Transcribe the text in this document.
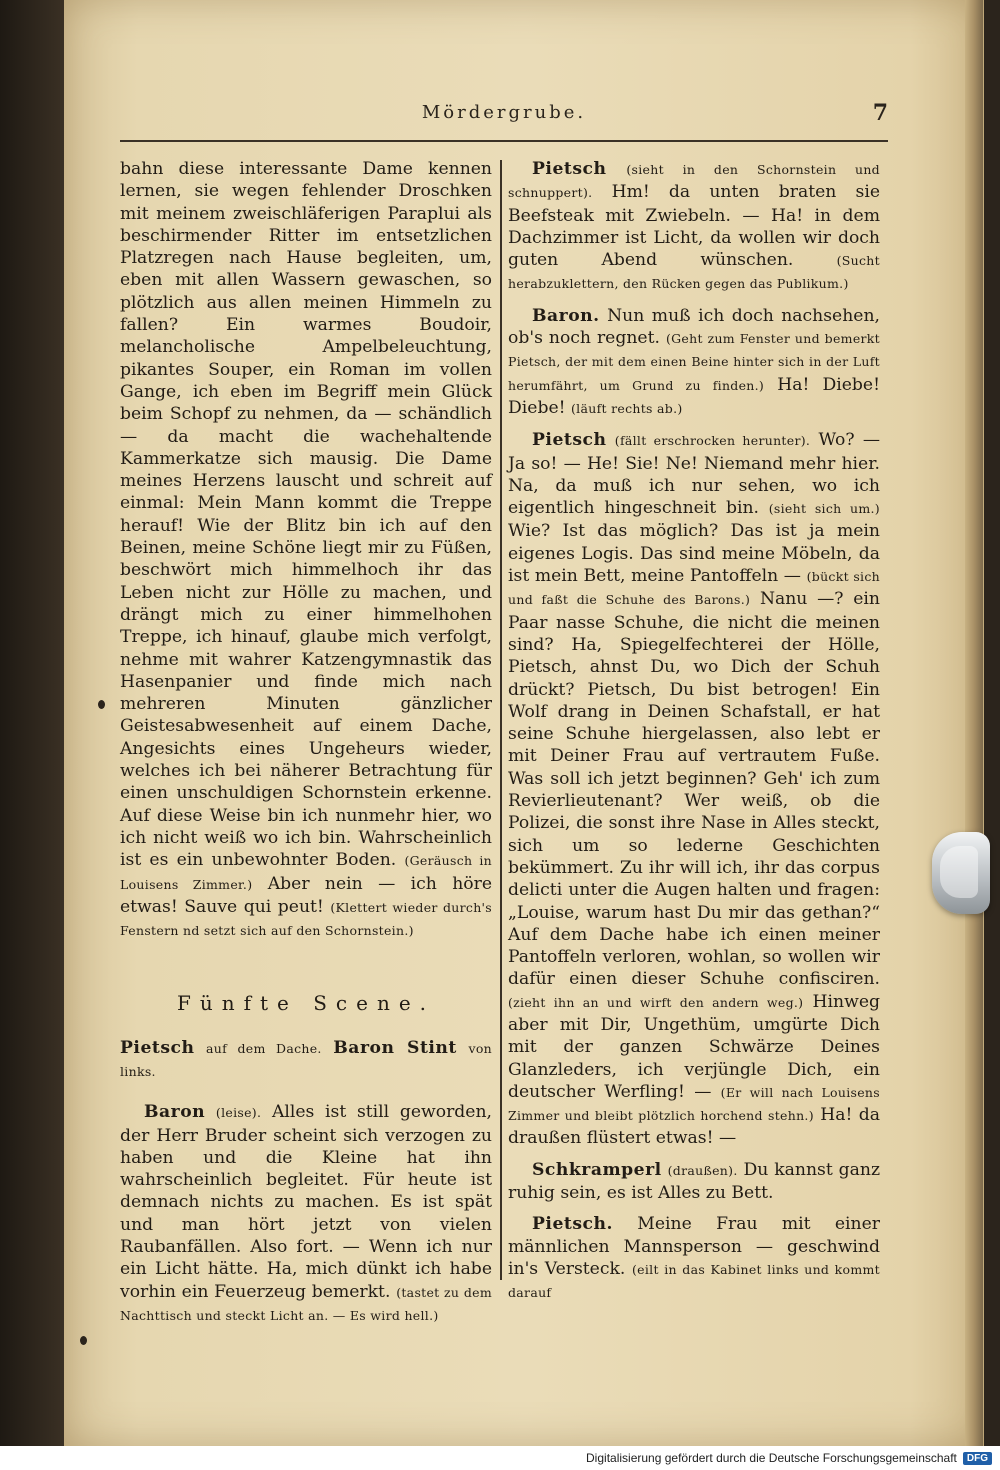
Mördergrube.	7

bahn diese interessante Dame kennen lernen, sie wegen fehlender Droschken mit meinem zweischläferigen Paraplui als beschirmender Ritter im entsetzlichen Platzregen nach Hause begleiten, um, eben mit allen Wassern gewaschen, so plötzlich aus allen meinen Himmeln zu fallen? Ein warmes Boudoir, melancholische Ampelbeleuchtung, pikantes Souper, ein Roman im vollen Gange, ich eben im Begriff mein Glück beim Schopf zu nehmen, da — schändlich — da macht die wachehaltende Kammerkatze sich mausig. Die Dame meines Herzens lauscht und schreit auf einmal: Mein Mann kommt die Treppe herauf! Wie der Blitz bin ich auf den Beinen, meine Schöne liegt mir zu Füßen, beschwört mich himmelhoch ihr das Leben nicht zur Hölle zu machen, und drängt mich zu einer himmelhohen Treppe, ich hinauf, glaube mich verfolgt, nehme mit wahrer Katzengymnastik das Hasenpanier und finde mich nach mehreren Minuten gänzlicher Geistesabwesenheit auf einem Dache, Angesichts eines Ungeheurs wieder, welches ich bei näherer Betrachtung für einen unschuldigen Schornstein erkenne. Auf diese Weise bin ich nunmehr hier, wo ich nicht weiß wo ich bin. Wahrscheinlich ist es ein unbewohnter Boden. (Geräusch in Louisens Zimmer.) Aber nein — ich höre etwas! Sauve qui peut! (Klettert wieder durch's Fenstern nd setzt sich auf den Schornstein.)

Fünfte Scene.

Pietsch auf dem Dache. Baron Stint von links.

Baron (leise). Alles ist still geworden, der Herr Bruder scheint sich verzogen zu haben und die Kleine hat ihn wahrscheinlich begleitet. Für heute ist demnach nichts zu machen. Es ist spät und man hört jetzt von vielen Raubanfällen. Also fort. — Wenn ich nur ein Licht hätte. Ha, mich dünkt ich habe vorhin ein Feuerzeug bemerkt. (tastet zu dem Nachttisch und steckt Licht an. — Es wird hell.)

Pietsch (sieht in den Schornstein und schnuppert). Hm! da unten braten sie Beefsteak mit Zwiebeln. — Ha! in dem Dachzimmer ist Licht, da wollen wir doch guten Abend wünschen.	(Sucht herabzuklettern, den Rücken gegen das Publikum.)

Baron. Nun muß ich doch nachsehen, ob's noch regnet. (Geht zum Fenster und bemerkt Pietsch, der mit dem einen Beine hinter sich in der Luft herumfährt, um Grund zu finden.) Ha! Diebe! Diebe! (läuft rechts ab.)

Pietsch (fällt erschrocken herunter). Wo? — Ja so! — He! Sie! Ne! Niemand mehr hier. Na, da muß ich nur sehen, wo ich eigentlich hingeschneit bin. (sieht sich um.) Wie? Ist das möglich? Das ist ja mein eigenes Logis. Das sind meine Möbeln, da ist mein Bett, meine Pantoffeln — (bückt sich und faßt die Schuhe des Barons.) Nanu —? ein Paar nasse Schuhe, die nicht die meinen sind? Ha, Spiegelfechterei der Hölle, Pietsch, ahnst Du, wo Dich der Schuh drückt? Pietsch, Du bist betrogen! Ein Wolf drang in Deinen Schafstall, er hat seine Schuhe hiergelassen, also lebt er mit Deiner Frau auf vertrautem Fuße. Was soll ich jetzt beginnen? Geh' ich zum Revierlieutenant? Wer weiß, ob die Polizei, die sonst ihre Nase in Alles steckt, sich um so lederne Geschichten bekümmert. Zu ihr will ich, ihr das corpus delicti unter die Augen halten und fragen: „Louise, warum hast Du mir das gethan?“ Auf dem Dache habe ich einen meiner Pantoffeln verloren, wohlan, so wollen wir dafür einen dieser Schuhe confisciren. (zieht ihn an und wirft den andern weg.) Hinweg aber mit Dir, Ungethüm, umgürte Dich mit der ganzen Schwärze Deines Glanzleders, ich verjüngle Dich, ein deutscher Werfling! — (Er will nach Louisens Zimmer und bleibt plötzlich horchend stehn.) Ha! da draußen flüstert etwas! —

Schkramperl (draußen). Du kannst ganz ruhig sein, es ist Alles zu Bett.

Pietsch. Meine Frau mit einer männlichen Mannsperson — geschwind in's Versteck. (eilt in das Kabinet links und kommt darauf

Digitalisierung gefördert durch die Deutsche Forschungsgemeinschaft	DFG
